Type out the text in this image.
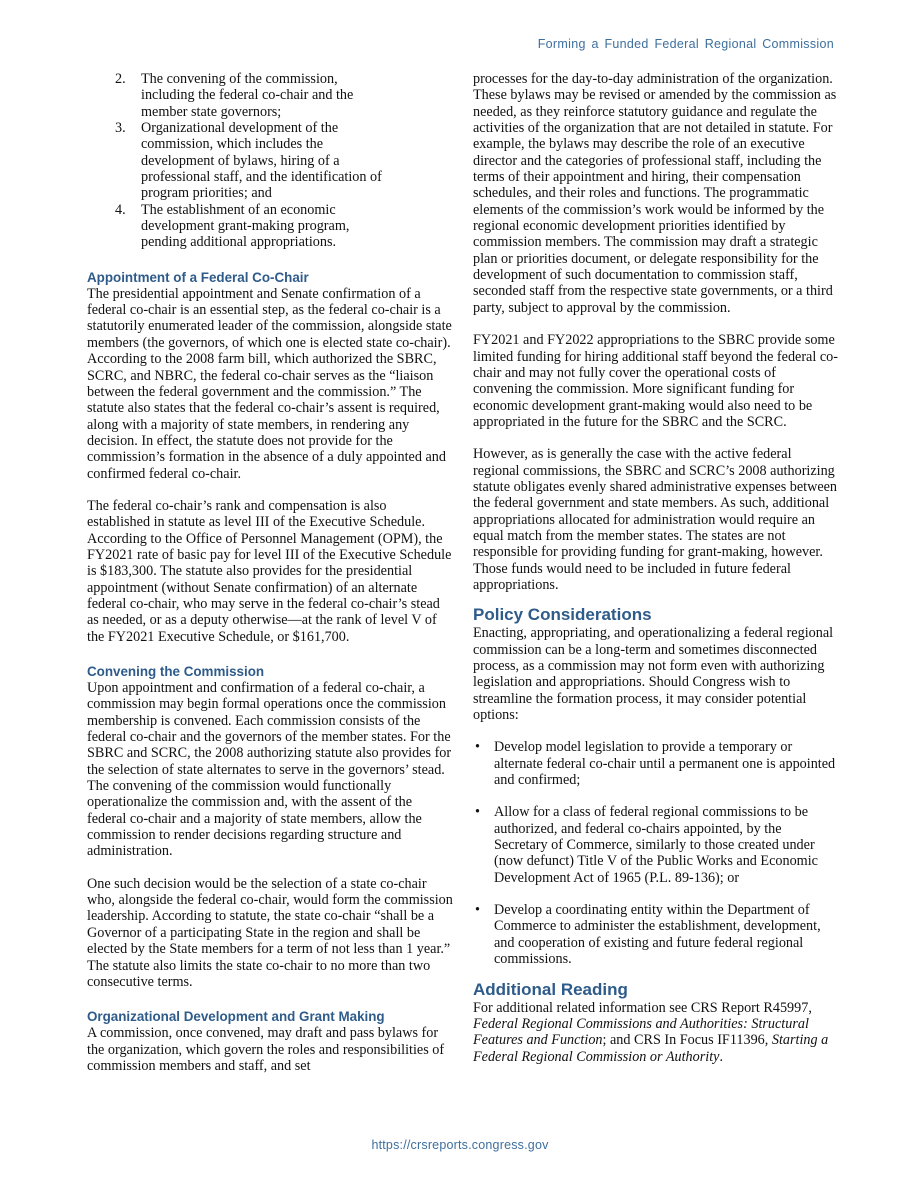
Forming a Funded Federal Regional Commission
2.	The convening of the commission, including the federal co-chair and the member state governors;
3.	Organizational development of the commission, which includes the development of bylaws, hiring of a professional staff, and the identification of program priorities; and
4.	The establishment of an economic development grant-making program, pending additional appropriations.
Appointment of a Federal Co-Chair

The presidential appointment and Senate confirmation of a federal co-chair is an essential step, as the federal co-chair is a statutorily enumerated leader of the commission, alongside state members (the governors, of which one is elected state co-chair). According to the 2008 farm bill, which authorized the SBRC, SCRC, and NBRC, the federal co-chair serves as the “liaison between the federal government and the commission.” The statute also states that the federal co-chair’s assent is required, along with a majority of state members, in rendering any decision. In effect, the statute does not provide for the commission’s formation in the absence of a duly appointed and confirmed federal co-chair.

The federal co-chair’s rank and compensation is also established in statute as level III of the Executive Schedule. According to the Office of Personnel Management (OPM), the FY2021 rate of basic pay for level III of the Executive Schedule is $183,300. The statute also provides for the presidential appointment (without Senate confirmation) of an alternate federal co-chair, who may serve in the federal co-chair’s stead as needed, or as a deputy otherwise—at the rank of level V of the FY2021 Executive Schedule, or $161,700.

Convening the Commission

Upon appointment and confirmation of a federal co-chair, a commission may begin formal operations once the commission membership is convened. Each commission consists of the federal co-chair and the governors of the member states. For the SBRC and SCRC, the 2008 authorizing statute also provides for the selection of state alternates to serve in the governors’ stead. The convening of the commission would functionally operationalize the commission and, with the assent of the federal co-chair and a majority of state members, allow the commission to render decisions regarding structure and administration.

One such decision would be the selection of a state co-chair who, alongside the federal co-chair, would form the commission leadership. According to statute, the state co-chair “shall be a Governor of a participating State in the region and shall be elected by the State members for a term of not less than 1 year.” The statute also limits the state co-chair to no more than two consecutive terms.

Organizational Development and Grant Making

A commission, once convened, may draft and pass bylaws for the organization, which govern the roles and responsibilities of commission members and staff, and set

processes for the day-to-day administration of the organization. These bylaws may be revised or amended by the commission as needed, as they reinforce statutory guidance and regulate the activities of the organization that are not detailed in statute. For example, the bylaws may describe the role of an executive director and the categories of professional staff, including the terms of their appointment and hiring, their compensation schedules, and their roles and functions. The programmatic elements of the commission’s work would be informed by the regional economic development priorities identified by commission members. The commission may draft a strategic plan or priorities document, or delegate responsibility for the development of such documentation to commission staff, seconded staff from the respective state governments, or a third party, subject to approval by the commission.

FY2021 and FY2022 appropriations to the SBRC provide some limited funding for hiring additional staff beyond the federal co-chair and may not fully cover the operational costs of convening the commission. More significant funding for economic development grant-making would also need to be appropriated in the future for the SBRC and the SCRC.

However, as is generally the case with the active federal regional commissions, the SBRC and SCRC’s 2008 authorizing statute obligates evenly shared administrative expenses between the federal government and state members. As such, additional appropriations allocated for administration would require an equal match from the member states. The states are not responsible for providing funding for grant-making, however. Those funds would need to be included in future federal appropriations.

Policy Considerations

Enacting, appropriating, and operationalizing a federal regional commission can be a long-term and sometimes disconnected process, as a commission may not form even with authorizing legislation and appropriations. Should Congress wish to streamline the formation process, it may consider potential options:

• Develop model legislation to provide a temporary or alternate federal co-chair until a permanent one is appointed and confirmed;
• Allow for a class of federal regional commissions to be authorized, and federal co-chairs appointed, by the Secretary of Commerce, similarly to those created under (now defunct) Title V of the Public Works and Economic Development Act of 1965 (P.L. 89-136); or
• Develop a coordinating entity within the Department of Commerce to administer the establishment, development, and cooperation of existing and future federal regional commissions.
Additional Reading

For additional related information see CRS Report R45997, Federal Regional Commissions and Authorities: Structural Features and Function; and CRS In Focus IF11396, Starting a Federal Regional Commission or Authority.

https://crsreports.congress.gov
